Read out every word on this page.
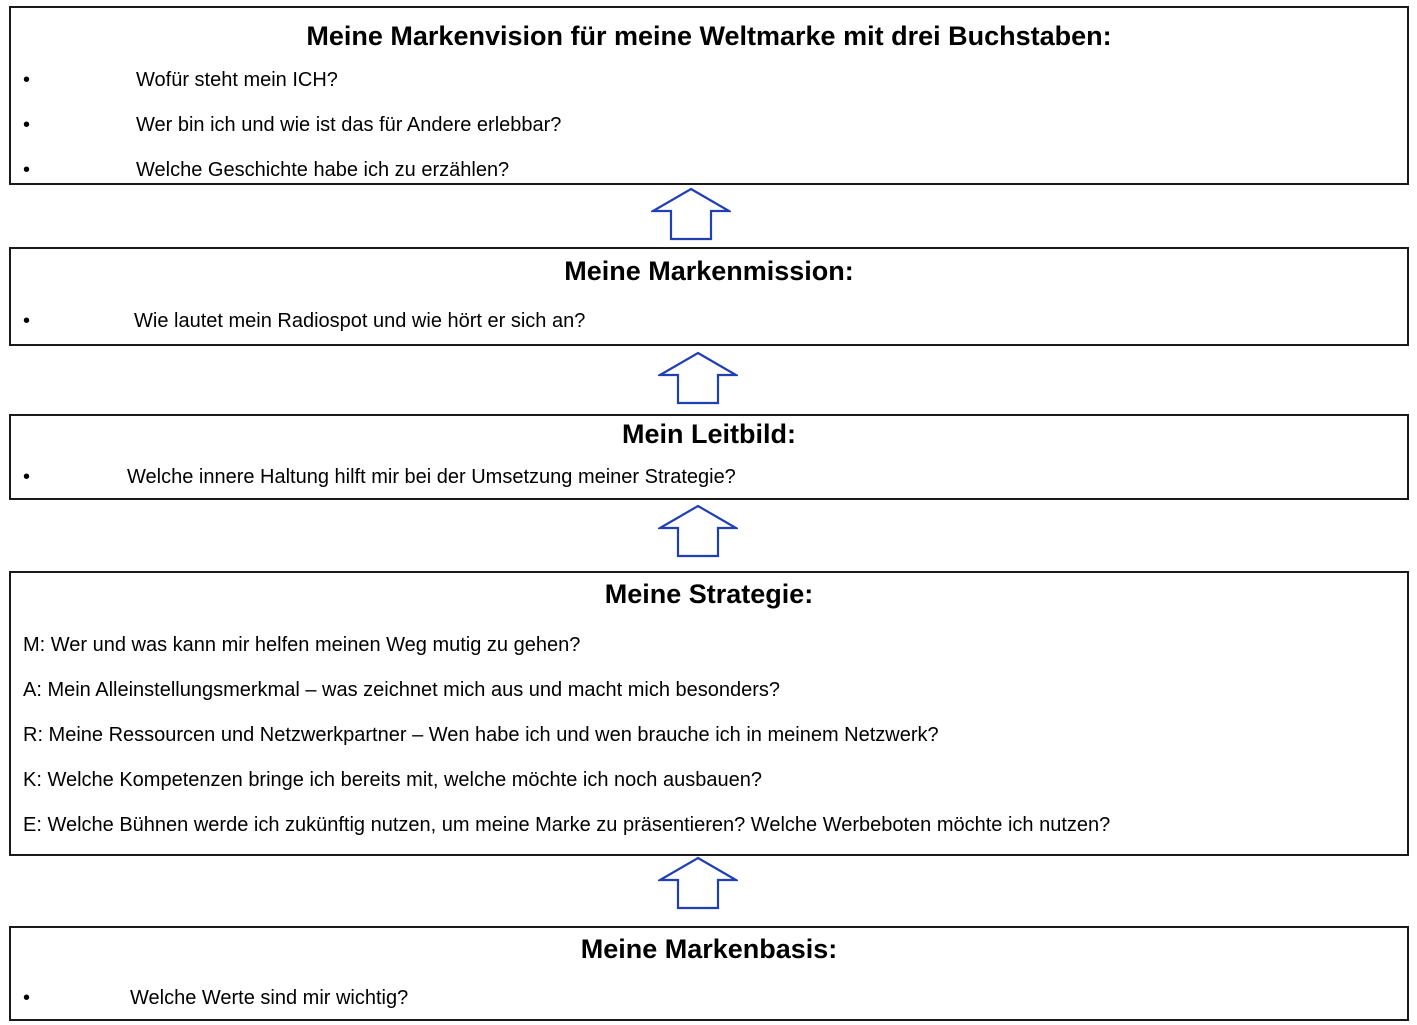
Meine Markenvision für meine Weltmarke mit drei Buchstaben:
•	Wofür steht mein ICH?
•	Wer bin ich und wie ist das für Andere erlebbar?
•	Welche Geschichte habe ich zu erzählen?
Meine Markenmission:
•	Wie lautet mein Radiospot und wie hört er sich an?
Mein Leitbild:
•	Welche innere Haltung hilft mir bei der Umsetzung meiner Strategie?
Meine Strategie:
M: Wer und was kann mir helfen meinen Weg mutig zu gehen?
A: Mein Alleinstellungsmerkmal – was zeichnet mich aus und macht mich besonders?
R: Meine Ressourcen und Netzwerkpartner – Wen habe ich und wen brauche ich in meinem Netzwerk?
K: Welche Kompetenzen bringe ich bereits mit, welche möchte ich noch ausbauen?
E: Welche Bühnen werde ich zukünftig nutzen, um meine Marke zu präsentieren? Welche Werbeboten möchte ich nutzen?
Meine Markenbasis:
•	Welche Werte sind mir wichtig?
